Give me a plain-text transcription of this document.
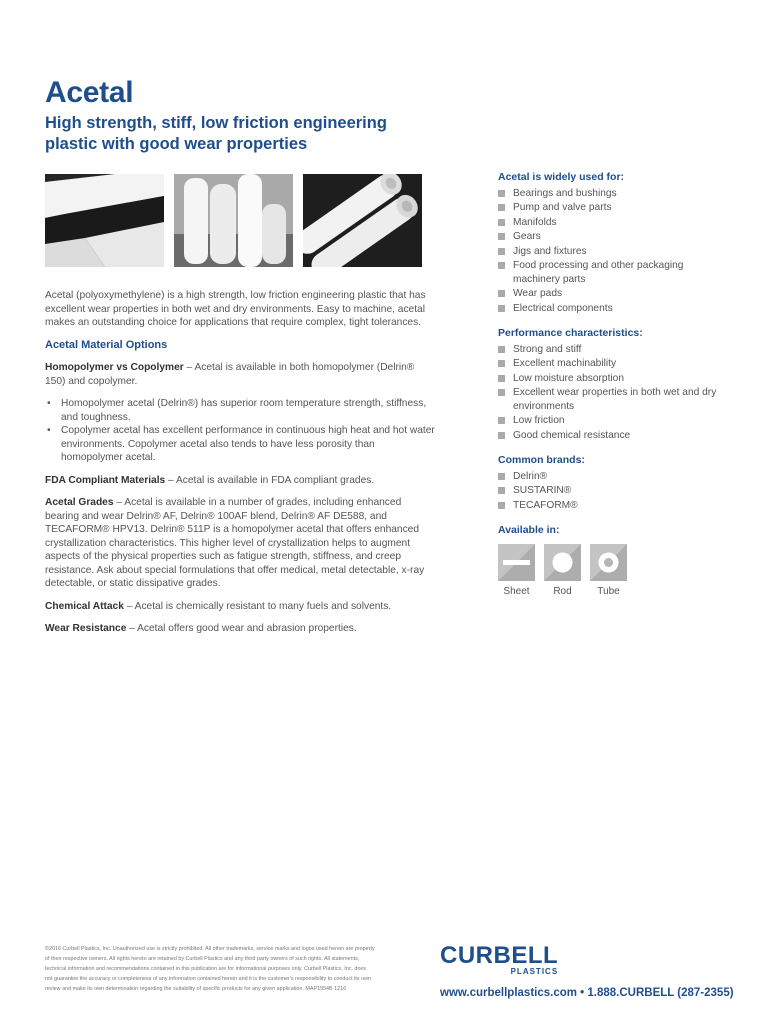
Acetal
High strength, stiff, low friction engineering plastic with good wear properties

Acetal (polyoxymethylene) is a high strength, low friction engineering plastic that has excellent wear properties in both wet and dry environments. Easy to machine, acetal makes an outstanding choice for applications that require complex, tight tolerances.

Acetal Material Options

Homopolymer vs Copolymer – Acetal is available in both homopolymer (Delrin® 150) and copolymer.

• Homopolymer acetal (Delrin®) has superior room temperature strength, stiffness, and toughness.
• Copolymer acetal has excellent performance in continuous high heat and hot water environments. Copolymer acetal also tends to have less porosity than homopolymer acetal.

FDA Compliant Materials – Acetal is available in FDA compliant grades.

Acetal Grades – Acetal is available in a number of grades, including enhanced bearing and wear Delrin® AF, Delrin® 100AF blend, Delrin® AF DE588, and TECAFORM® HPV13. Delrin® 511P is a homopolymer acetal that offers enhanced crystallization characteristics. This higher level of crystallization helps to augment aspects of the physical properties such as fatigue strength, stiffness, and creep resistance. Ask about special formulations that offer medical, metal detectable, x-ray detectable, or static dissipative grades.

Chemical Attack – Acetal is chemically resistant to many fuels and solvents.

Wear Resistance – Acetal offers good wear and abrasion properties.

Acetal is widely used for:
Bearings and bushings
Pump and valve parts
Manifolds
Gears
Jigs and fixtures
Food processing and other packaging machinery parts
Wear pads
Electrical components
Performance characteristics:
Strong and stiff
Excellent machinability
Low moisture absorption
Excellent wear properties in both wet and dry environments
Low friction
Good chemical resistance
Common brands:
Delrin®
SUSTARIN®
TECAFORM®
Available in:
Sheet	Rod	Tube
©2016 Curbell Plastics, Inc. Unauthorized use is strictly prohibited. All other trademarks, service marks and logos used herein are property of their respective owners. All rights hereto are retained by Curbell Plastics and any third party owners of such rights. All statements, technical information and recommendations contained in this publication are for informational purposes only. Curbell Plastics, Inc. does not guarantee the accuracy or completeness of any information contained herein and it is the customer's responsibility to conduct its own review and make its own determination regarding the suitability of specific products for any given application. MAP1554B 1216
CURBELL
PLASTICS
www.curbellplastics.com • 1.888.CURBELL (287-2355)
